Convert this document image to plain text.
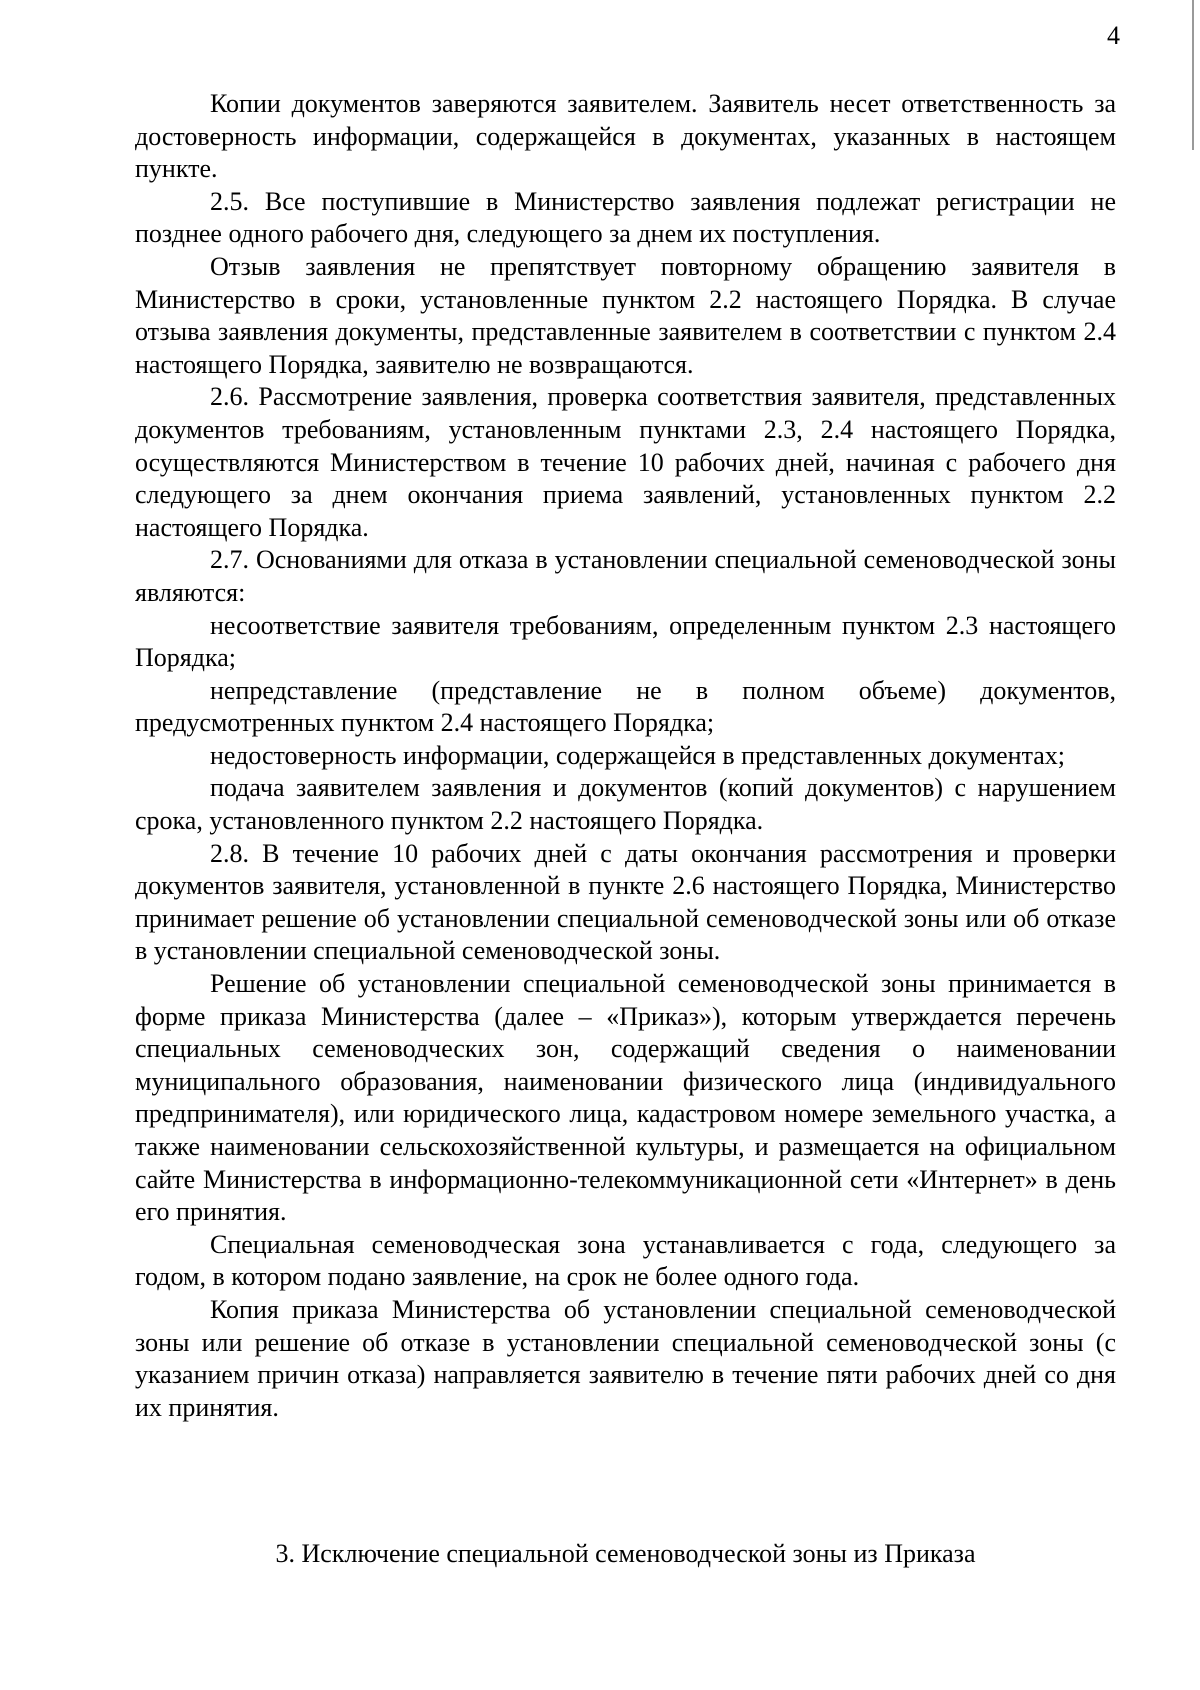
4

Копии документов заверяются заявителем. Заявитель несет ответственность за достоверность информации, содержащейся в документах, указанных в настоящем пункте.

2.5. Все поступившие в Министерство заявления подлежат регистрации не позднее одного рабочего дня, следующего за днем их поступления.

Отзыв заявления не препятствует повторному обращению заявителя в Министерство в сроки, установленные пунктом 2.2 настоящего Порядка. В случае отзыва заявления документы, представленные заявителем в соответствии с пунктом 2.4 настоящего Порядка, заявителю не возвращаются.

2.6. Рассмотрение заявления, проверка соответствия заявителя, представленных документов требованиям, установленным пунктами 2.3, 2.4 настоящего Порядка, осуществляются Министерством в течение 10 рабочих дней, начиная с рабочего дня следующего за днем окончания приема заявлений, установленных пунктом 2.2 настоящего Порядка.

2.7. Основаниями для отказа в установлении специальной семеноводческой зоны являются:

несоответствие заявителя требованиям, определенным пунктом 2.3 настоящего Порядка;

непредставление (представление не в полном объеме) документов, предусмотренных пунктом 2.4 настоящего Порядка;

недостоверность информации, содержащейся в представленных документах;

подача заявителем заявления и документов (копий документов) с нарушением срока, установленного пунктом 2.2 настоящего Порядка.

2.8. В течение 10 рабочих дней с даты окончания рассмотрения и проверки документов заявителя, установленной в пункте 2.6 настоящего Порядка, Министерство принимает решение об установлении специальной семеноводческой зоны или об отказе в установлении специальной семеноводческой зоны.

Решение об установлении специальной семеноводческой зоны принимается в форме приказа Министерства (далее – «Приказ»), которым утверждается перечень специальных семеноводческих зон, содержащий сведения о наименовании муниципального образования, наименовании физического лица (индивидуального предпринимателя), или юридического лица, кадастровом номере земельного участка, а также наименовании сельскохозяйственной культуры, и размещается на официальном сайте Министерства в информационно-телекоммуникационной сети «Интернет» в день его принятия.

Специальная семеноводческая зона устанавливается с года, следующего за годом, в котором подано заявление, на срок не более одного года.

Копия приказа Министерства об установлении специальной семеноводческой зоны или решение об отказе в установлении специальной семеноводческой зоны (с указанием причин отказа) направляется заявителю в течение пяти рабочих дней со дня их принятия.

3. Исключение специальной семеноводческой зоны из Приказа
